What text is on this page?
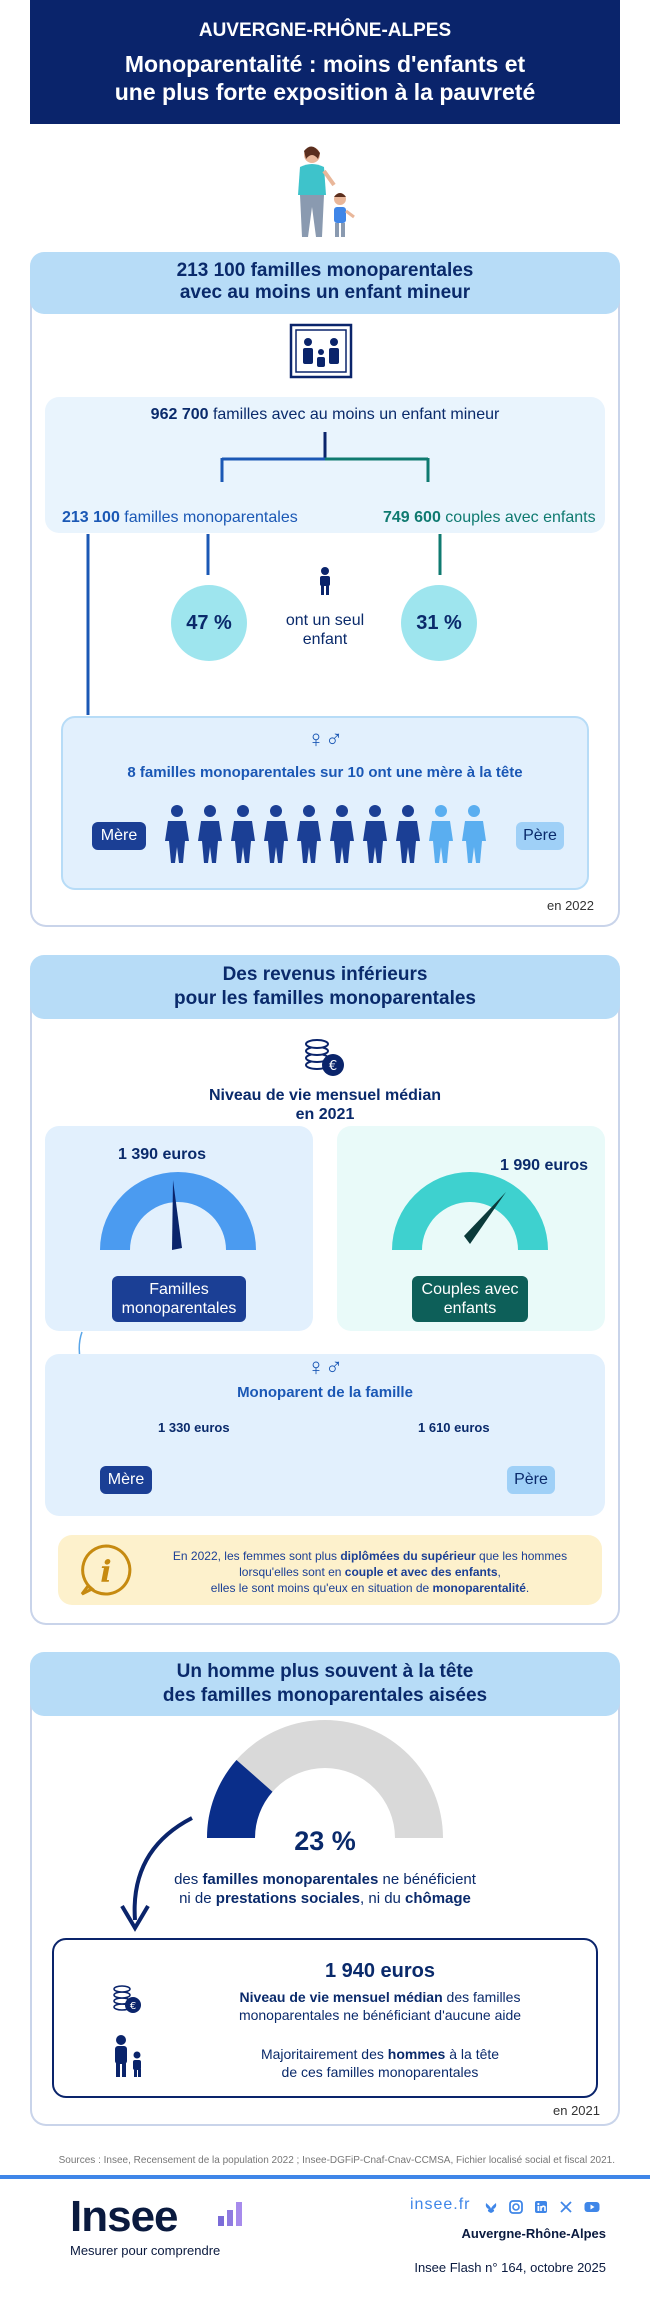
AUVERGNE-RHÔNE-ALPES
Monoparentalité : moins d'enfants et
une plus forte exposition à la pauvreté
213 100 familles monoparentales
avec au moins un enfant mineur
962 700 familles avec au moins un enfant mineur
213 100 familles monoparentales	749 600 couples avec enfants
47 %	31 %
ont un seul
enfant
♀♂
8 familles monoparentales sur 10 ont une mère à la tête
Mère	Père
en 2022
Des revenus inférieurs
pour les familles monoparentales
€
Niveau de vie mensuel médian
en 2021
1 390 euros
1 990 euros
Familles
monoparentales
Couples avec
enfants
♀♂
Monoparent de la famille
1 330 euros	1 610 euros
Mère	Père
i	En 2022, les femmes sont plus diplômées du supérieur que les hommes
lorsqu'elles sont en couple et avec des enfants,
elles le sont moins qu'eux en situation de monoparentalité.
Un homme plus souvent à la tête
des familles monoparentales aisées
23 %
des familles monoparentales ne bénéficient
ni de prestations sociales, ni du chômage
1 940 euros
€
Niveau de vie mensuel médian des familles
monoparentales ne bénéficiant d'aucune aide
Majoritairement des hommes à la tête
de ces familles monoparentales
en 2021
Sources : Insee, Recensement de la population 2022 ; Insee-DGFiP-Cnaf-Cnav-CCMSA, Fichier localisé social et fiscal 2021.
Insee
Mesurer pour comprendre
insee.fr
Auvergne-Rhône-Alpes
Insee Flash n° 164, octobre 2025
